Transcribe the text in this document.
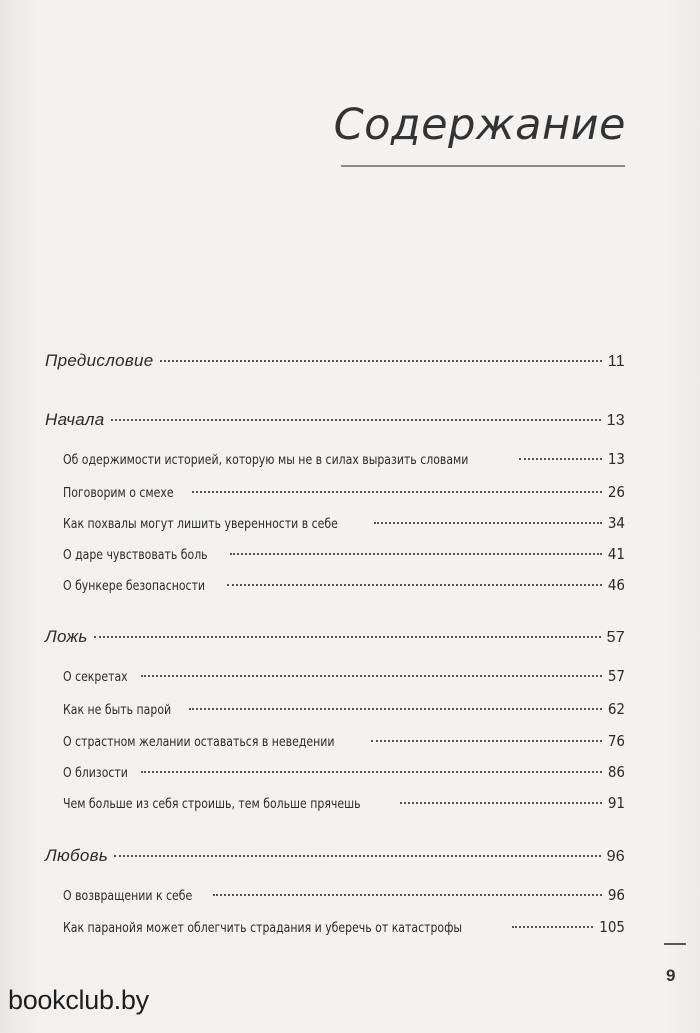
Содержание
Предисловие	11
Начала	13
Об одержимости историей, которую мы не в силах выразить словами	13
Поговорим о смехе	26
Как похвалы могут лишить уверенности в себе	34
О даре чувствовать боль	41
О бункере безопасности	46
Ложь	57
О секретах	57
Как не быть парой	62
О страстном желании оставаться в неведении	76
О близости	86
Чем больше из себя строишь, тем больше прячешь	91
Любовь	96
О возвращении к себе	96
Как паранойя может облегчить страдания и уберечь от катастрофы	105
9
bookclub.by
